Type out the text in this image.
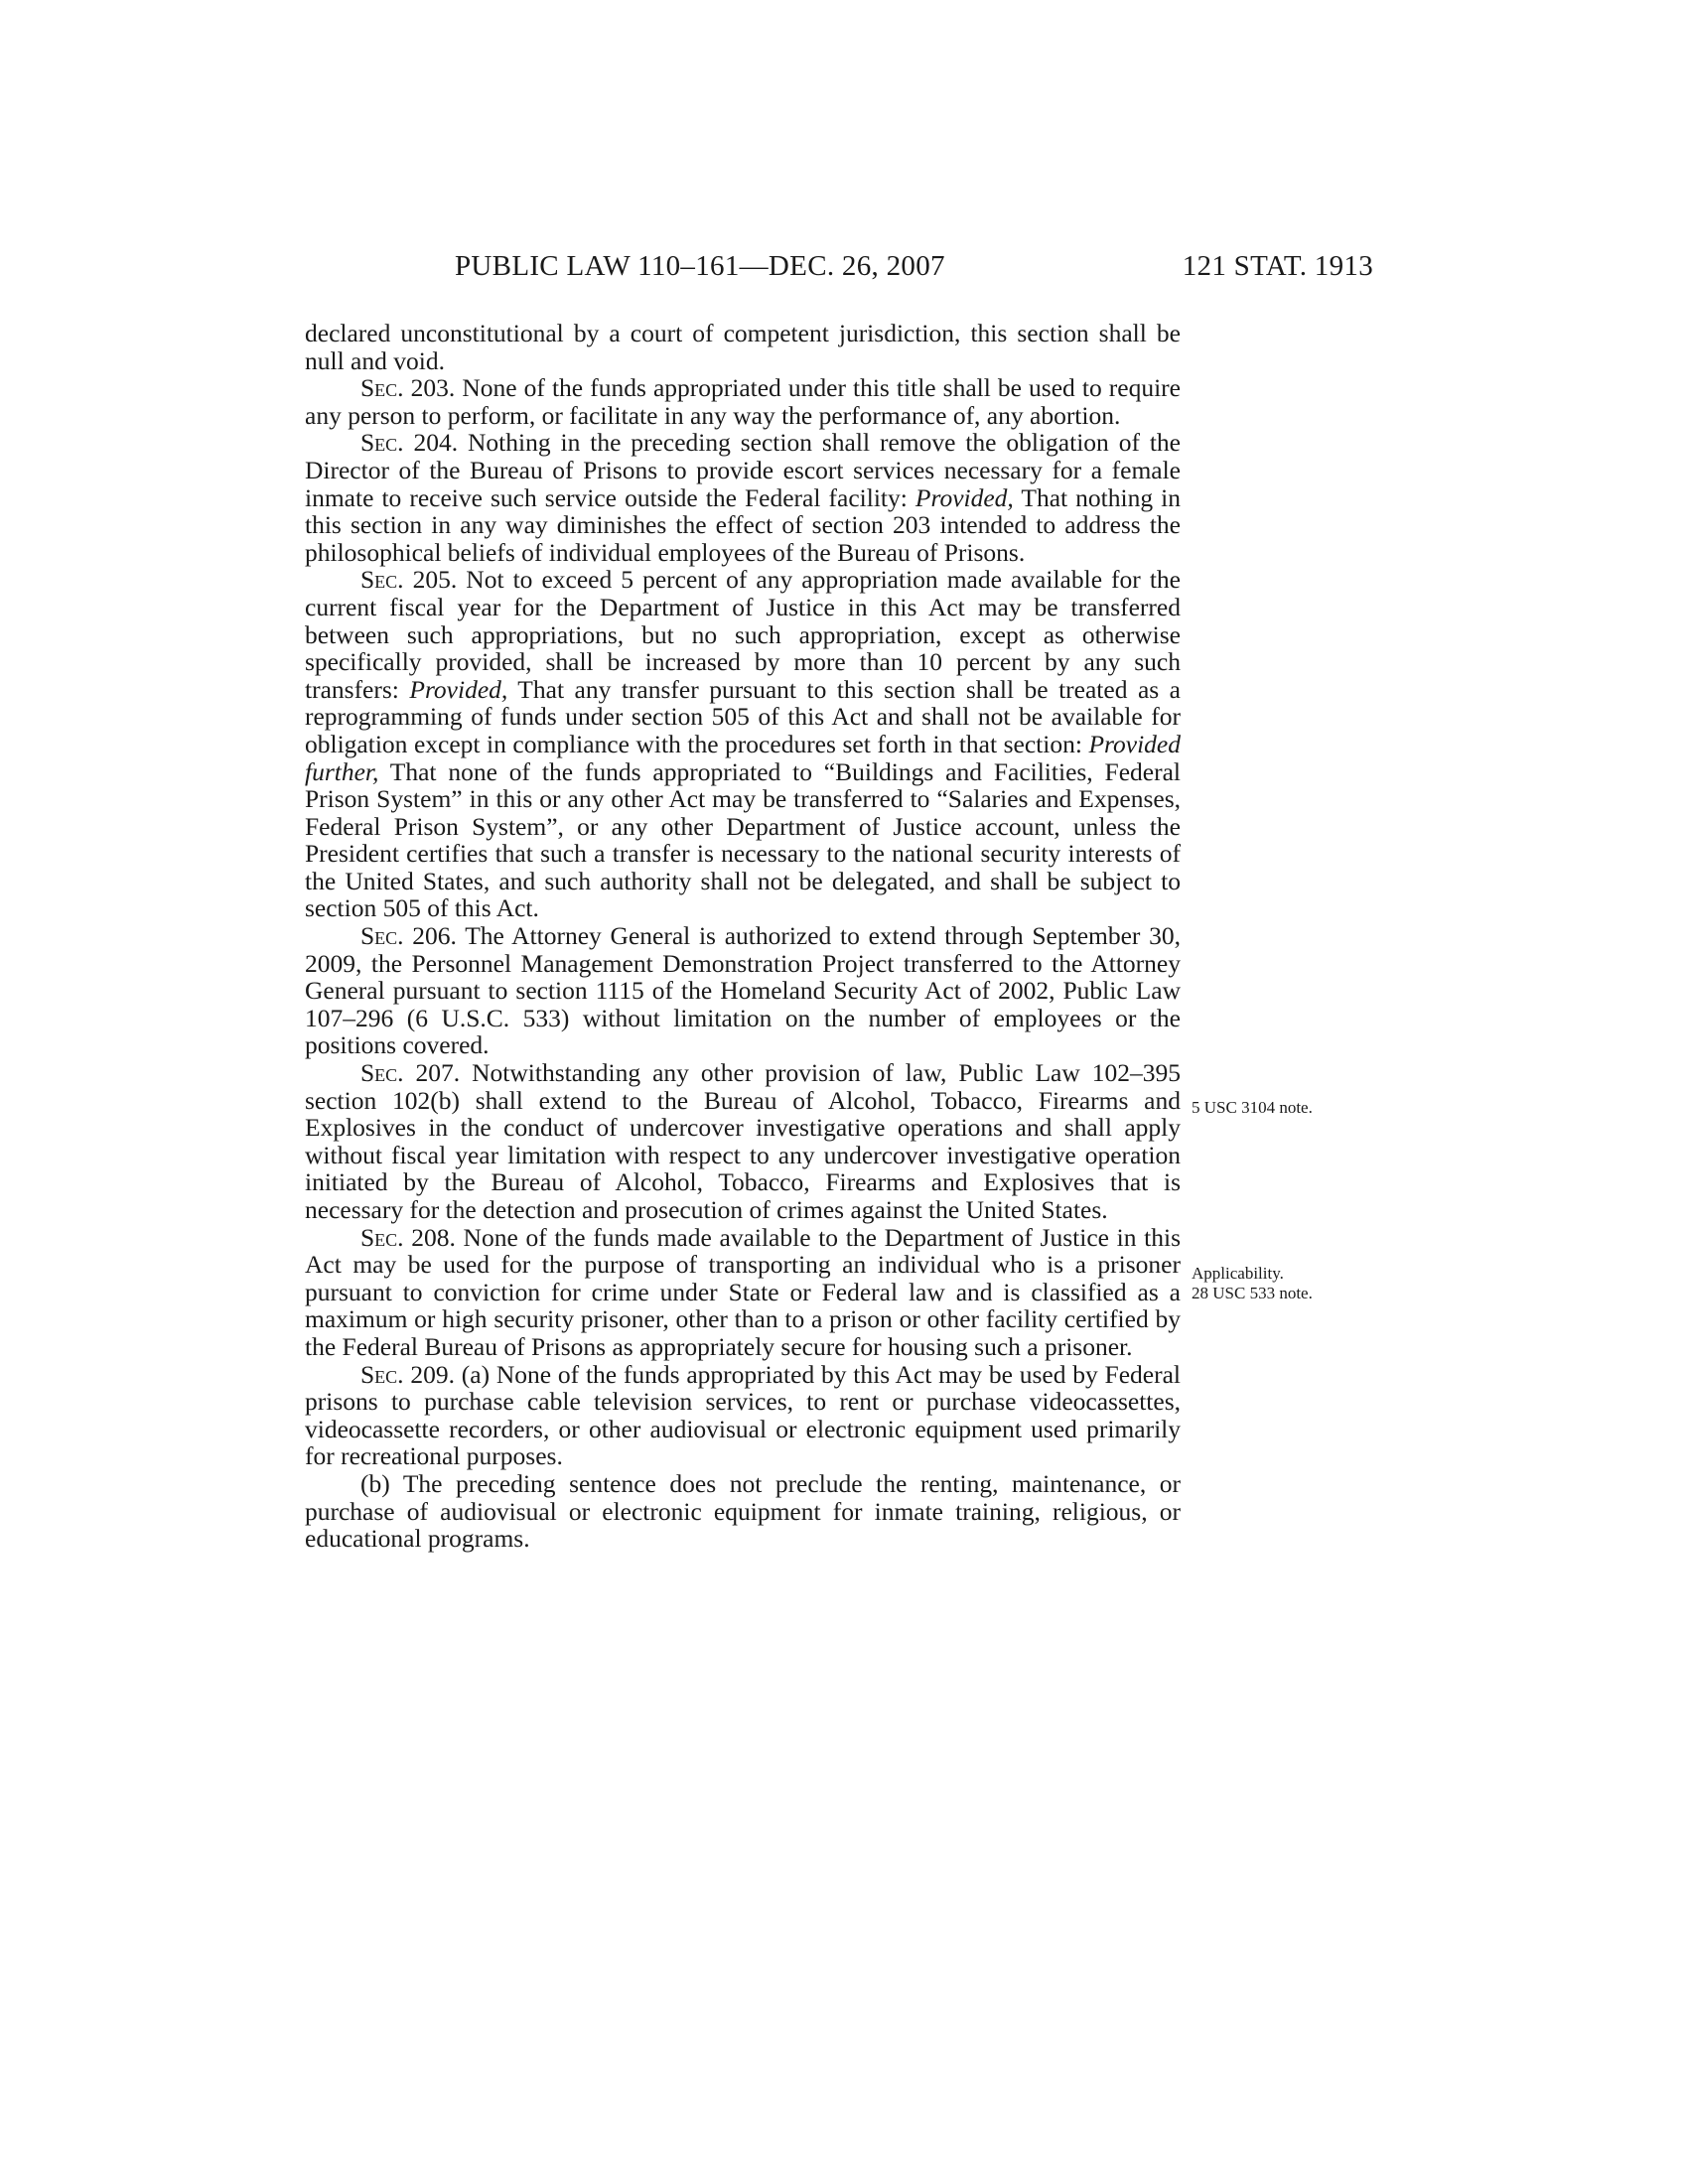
PUBLIC LAW 110–161—DEC. 26, 2007	121 STAT. 1913

declared unconstitutional by a court of competent jurisdiction, this section shall be null and void.

Sec. 203. None of the funds appropriated under this title shall be used to require any person to perform, or facilitate in any way the performance of, any abortion.

Sec. 204. Nothing in the preceding section shall remove the obligation of the Director of the Bureau of Prisons to provide escort services necessary for a female inmate to receive such service outside the Federal facility: Provided, That nothing in this section in any way diminishes the effect of section 203 intended to address the philosophical beliefs of individual employees of the Bureau of Prisons.

Sec. 205. Not to exceed 5 percent of any appropriation made available for the current fiscal year for the Department of Justice in this Act may be transferred between such appropriations, but no such appropriation, except as otherwise specifically provided, shall be increased by more than 10 percent by any such transfers: Provided, That any transfer pursuant to this section shall be treated as a reprogramming of funds under section 505 of this Act and shall not be available for obligation except in compliance with the procedures set forth in that section: Provided further, That none of the funds appropriated to “Buildings and Facilities, Federal Prison System” in this or any other Act may be transferred to “Salaries and Expenses, Federal Prison System”, or any other Department of Justice account, unless the President certifies that such a transfer is necessary to the national security interests of the United States, and such authority shall not be delegated, and shall be subject to section 505 of this Act.

Sec. 206. The Attorney General is authorized to extend through September 30, 2009, the Personnel Management Demonstration Project transferred to the Attorney General pursuant to section 1115 of the Homeland Security Act of 2002, Public Law 107–296 (6 U.S.C. 533) without limitation on the number of employees or the positions covered.

Sec. 207. Notwithstanding any other provision of law, Public Law 102–395 section 102(b) shall extend to the Bureau of Alcohol, Tobacco, Firearms and Explosives in the conduct of undercover investigative operations and shall apply without fiscal year limitation with respect to any undercover investigative operation initiated by the Bureau of Alcohol, Tobacco, Firearms and Explosives that is necessary for the detection and prosecution of crimes against the United States.

Sec. 208. None of the funds made available to the Department of Justice in this Act may be used for the purpose of transporting an individual who is a prisoner pursuant to conviction for crime under State or Federal law and is classified as a maximum or high security prisoner, other than to a prison or other facility certified by the Federal Bureau of Prisons as appropriately secure for housing such a prisoner.

Sec. 209. (a) None of the funds appropriated by this Act may be used by Federal prisons to purchase cable television services, to rent or purchase videocassettes, videocassette recorders, or other audiovisual or electronic equipment used primarily for recreational purposes.

(b) The preceding sentence does not preclude the renting, maintenance, or purchase of audiovisual or electronic equipment for inmate training, religious, or educational programs.

5 USC 3104 note.
Applicability.
28 USC 533 note.
